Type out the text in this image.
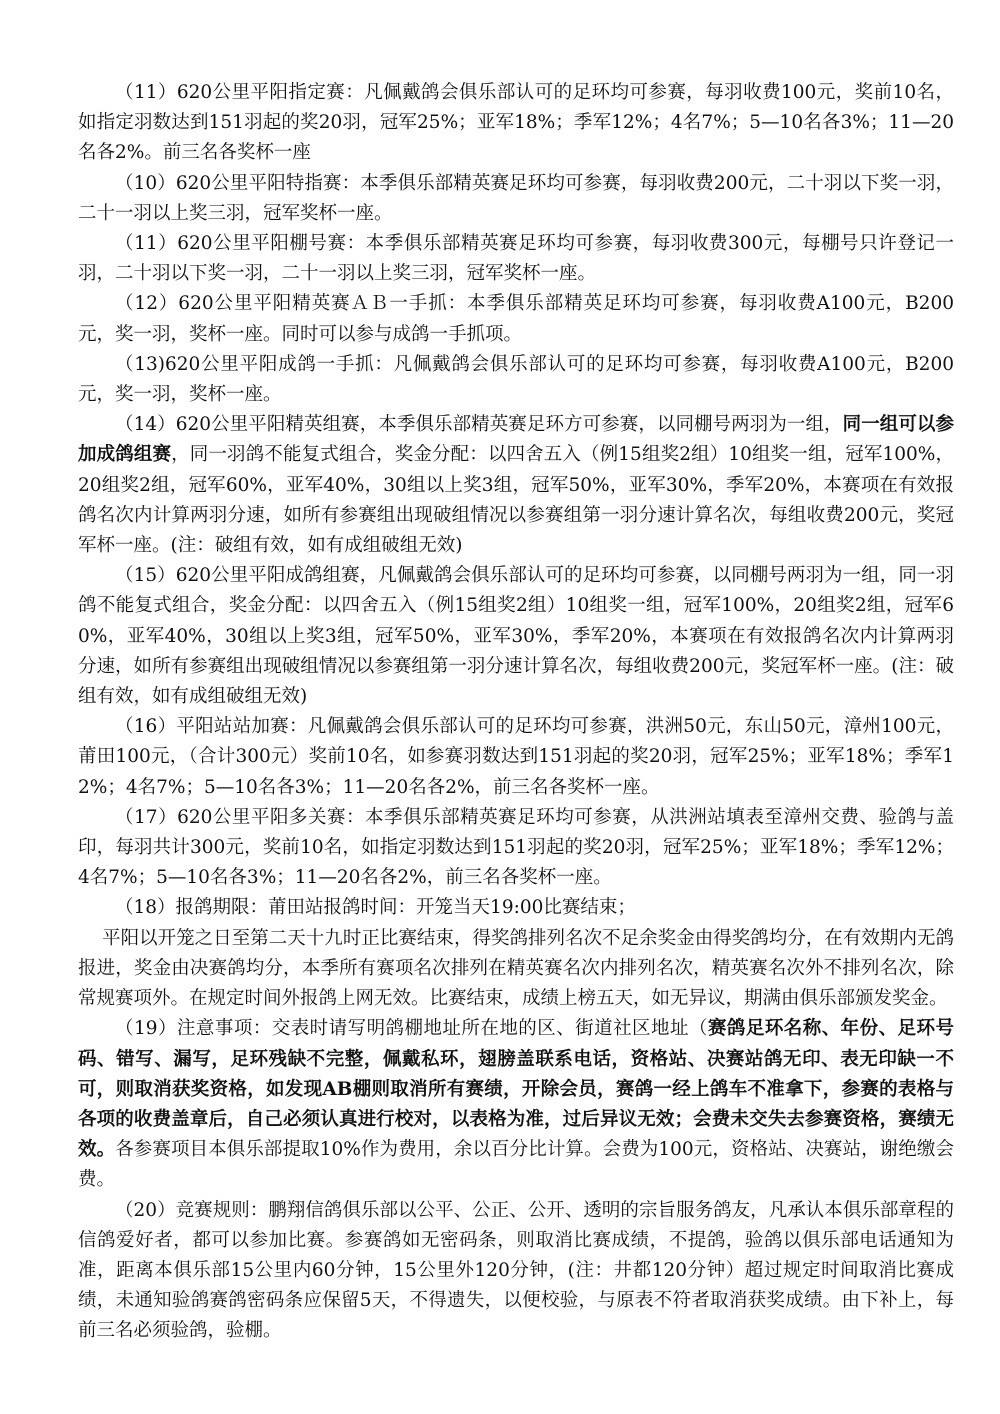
（11）620公里平阳指定赛：凡佩戴鸽会俱乐部认可的足环均可参赛，每羽收费100元，奖前10名，如指定羽数达到151羽起的奖20羽，冠军25%；亚军18%；季军12%；4名7%；5—10名各3%；11—20名各2%。前三名各奖杯一座

（10）620公里平阳特指赛：本季俱乐部精英赛足环均可参赛，每羽收费200元，二十羽以下奖一羽，二十一羽以上奖三羽，冠军奖杯一座。

（11）620公里平阳棚号赛：本季俱乐部精英赛足环均可参赛，每羽收费300元，每棚号只许登记一羽，二十羽以下奖一羽，二十一羽以上奖三羽，冠军奖杯一座。

（12）620公里平阳精英赛ＡＢ一手抓：本季俱乐部精英足环均可参赛，每羽收费A100元，B200元，奖一羽，奖杯一座。同时可以参与成鸽一手抓项。

（13)620公里平阳成鸽一手抓：凡佩戴鸽会俱乐部认可的足环均可参赛，每羽收费A100元，B200元，奖一羽，奖杯一座。

（14）620公里平阳精英组赛，本季俱乐部精英赛足环方可参赛，以同棚号两羽为一组，同一组可以参加成鸽组赛，同一羽鸽不能复式组合，奖金分配：以四舍五入（例15组奖2组）10组奖一组，冠军100%，20组奖2组，冠军60%，亚军40%，30组以上奖3组，冠军50%，亚军30%，季军20%，本赛项在有效报鸽名次内计算两羽分速，如所有参赛组出现破组情况以参赛组第一羽分速计算名次，每组收费200元，奖冠军杯一座。(注：破组有效，如有成组破组无效)

（15）620公里平阳成鸽组赛，凡佩戴鸽会俱乐部认可的足环均可参赛，以同棚号两羽为一组，同一羽鸽不能复式组合，奖金分配：以四舍五入（例15组奖2组）10组奖一组，冠军100%，20组奖2组，冠军60%，亚军40%，30组以上奖3组，冠军50%，亚军30%，季军20%，本赛项在有效报鸽名次内计算两羽分速，如所有参赛组出现破组情况以参赛组第一羽分速计算名次，每组收费200元，奖冠军杯一座。(注：破组有效，如有成组破组无效)

（16）平阳站站加赛：凡佩戴鸽会俱乐部认可的足环均可参赛，洪洲50元，东山50元，漳州100元，莆田100元，（合计300元）奖前10名，如参赛羽数达到151羽起的奖20羽，冠军25%；亚军18%；季军12%；4名7%；5—10名各3%；11—20名各2%，前三名各奖杯一座。

（17）620公里平阳多关赛：本季俱乐部精英赛足环均可参赛，从洪洲站填表至漳州交费、验鸽与盖印，每羽共计300元，奖前10名，如指定羽数达到151羽起的奖20羽，冠军25%；亚军18%；季军12%；4名7%；5—10名各3%；11—20名各2%，前三名各奖杯一座。

（18）报鸽期限：莆田站报鸽时间：开笼当天19:00比赛结束；

平阳以开笼之日至第二天十九时正比赛结束，得奖鸽排列名次不足余奖金由得奖鸽均分，在有效期内无鸽报进，奖金由决赛鸽均分，本季所有赛项名次排列在精英赛名次内排列名次，精英赛名次外不排列名次，除常规赛项外。在规定时间外报鸽上网无效。比赛结束，成绩上榜五天，如无异议，期满由俱乐部颁发奖金。

（19）注意事项：交表时请写明鸽棚地址所在地的区、街道社区地址（赛鸽足环名称、年份、足环号码、错写、漏写，足环残缺不完整，佩戴私环，翅膀盖联系电话，资格站、决赛站鸽无印、表无印缺一不可，则取消获奖资格，如发现AB棚则取消所有赛绩，开除会员，赛鸽一经上鸽车不准拿下，参赛的表格与各项的收费盖章后，自己必须认真进行校对，以表格为准，过后异议无效；会费未交失去参赛资格，赛绩无效。各参赛项目本俱乐部提取10%作为费用，余以百分比计算。会费为100元，资格站、决赛站，谢绝缴会费。

（20）竞赛规则：鹏翔信鸽俱乐部以公平、公正、公开、透明的宗旨服务鸽友，凡承认本俱乐部章程的信鸽爱好者，都可以参加比赛。参赛鸽如无密码条，则取消比赛成绩，不提鸽，验鸽以俱乐部电话通知为准，距离本俱乐部15公里内60分钟，15公里外120分钟，(注：井都120分钟）超过规定时间取消比赛成绩，未通知验鸽赛鸽密码条应保留5天，不得遗失，以便校验，与原表不符者取消获奖成绩。由下补上，每前三名必须验鸽，验棚。
